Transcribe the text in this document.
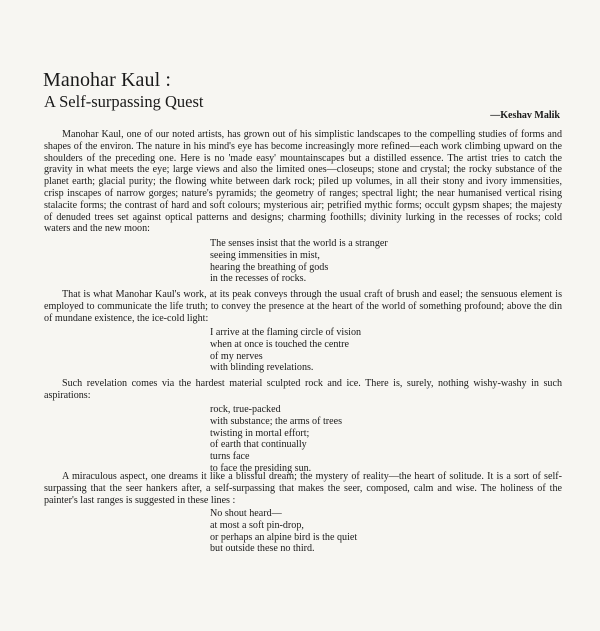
Manohar Kaul :
A Self-surpassing Quest

—Keshav Malik

Manohar Kaul, one of our noted artists, has grown out of his simplistic landscapes to the compelling studies of forms and shapes of the environ. The nature in his mind's eye has become increasingly more refined—each work climbing upward on the shoulders of the preceding one. Here is no 'made easy' mountainscapes but a distilled essence. The artist tries to catch the gravity in what meets the eye; large views and also the limited ones—closeups; stone and crystal; the rocky substance of the planet earth; glacial purity; the flowing white between dark rock; piled up volumes, in all their stony and ivory immensities, crisp inscapes of narrow gorges; nature's pyramids; the geometry of ranges; spectral light; the near humanised vertical rising stalacite forms; the contrast of hard and soft colours; mysterious air; petrified mythic forms; occult gypsm shapes; the majesty of denuded trees set against optical patterns and designs; charming foothills; divinity lurking in the recesses of rocks; cold waters and the new moon:

The senses insist that the world is a stranger
seeing immensities in mist,
hearing the breathing of gods
in the recesses of rocks.

That is what Manohar Kaul's work, at its peak conveys through the usual craft of brush and easel; the sensuous element is employed to communicate the life truth; to convey the presence at the heart of the world of something profound; above the din of mundane existence, the ice-cold light:

I arrive at the flaming circle of vision
when at once is touched the centre
of my nerves
with blinding revelations.

Such revelation comes via the hardest material sculpted rock and ice. There is, surely, nothing wishy-washy in such aspirations:

rock, true-packed
with substance; the arms of trees
twisting in mortal effort;
of earth that continually
turns face
to face the presiding sun.

A miraculous aspect, one dreams it like a blissful dream; the mystery of reality—the heart of solitude. It is a sort of self-surpassing that the seer hankers after, a self-surpassing that makes the seer, composed, calm and wise. The holiness of the painter's last ranges is suggested in these lines :

No shout heard—
at most a soft pin-drop,
or perhaps an alpine bird is the quiet
but outside these no third.
